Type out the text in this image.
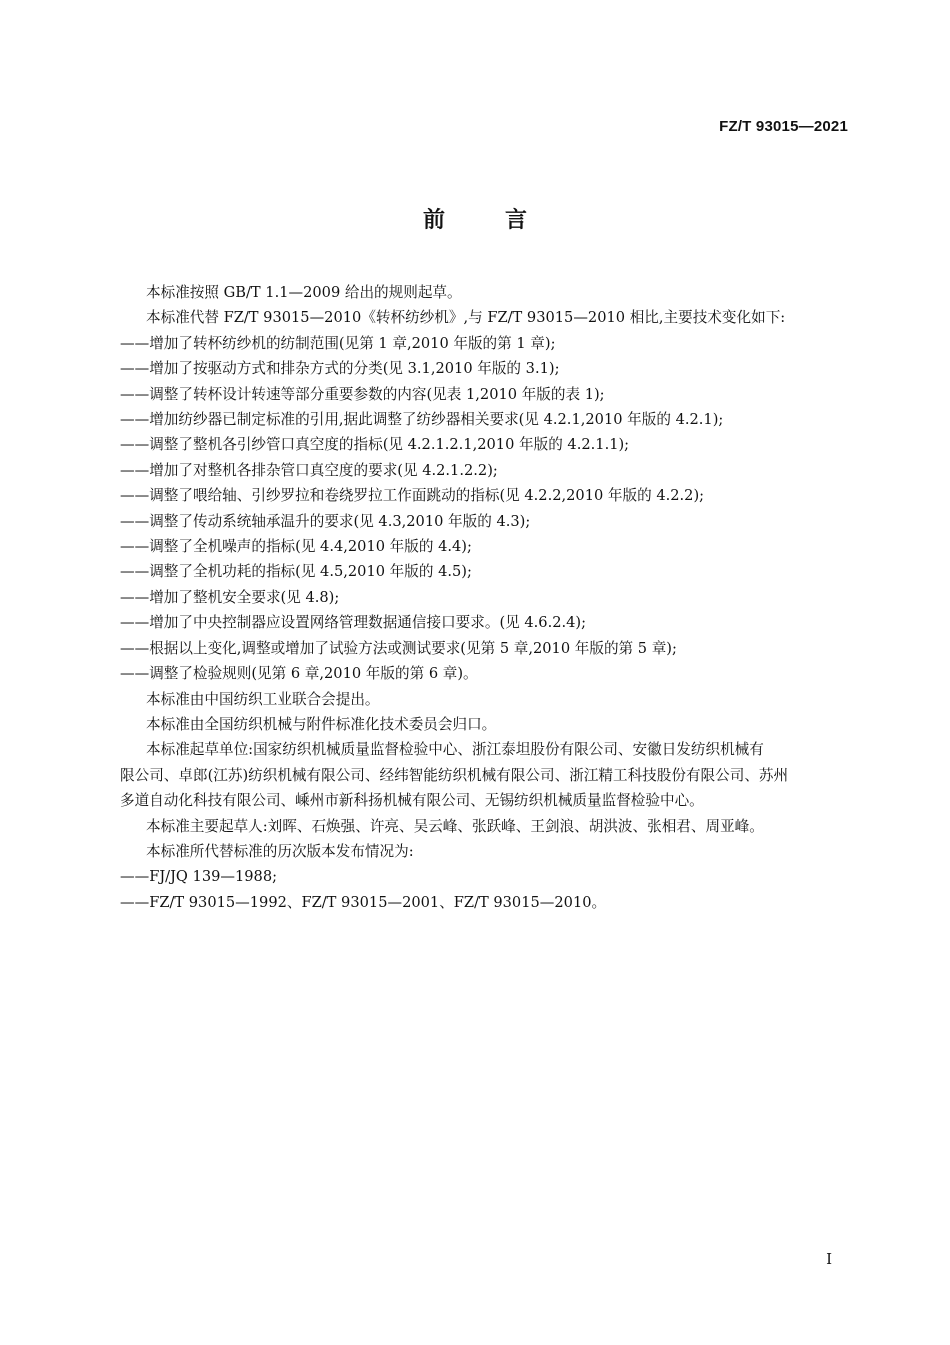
FZ/T 93015—2021
前	言

本标准按照 GB/T 1.1—2009 给出的规则起草。

本标准代替 FZ/T 93015—2010《转杯纺纱机》,与 FZ/T 93015—2010 相比,主要技术变化如下:

——增加了转杯纺纱机的纺制范围(见第 1 章,2010 年版的第 1 章);

——增加了按驱动方式和排杂方式的分类(见 3.1,2010 年版的 3.1);

——调整了转杯设计转速等部分重要参数的内容(见表 1,2010 年版的表 1);

——增加纺纱器已制定标准的引用,据此调整了纺纱器相关要求(见 4.2.1,2010 年版的 4.2.1);

——调整了整机各引纱管口真空度的指标(见 4.2.1.2.1,2010 年版的 4.2.1.1);

——增加了对整机各排杂管口真空度的要求(见 4.2.1.2.2);

——调整了喂给轴、引纱罗拉和卷绕罗拉工作面跳动的指标(见 4.2.2,2010 年版的 4.2.2);

——调整了传动系统轴承温升的要求(见 4.3,2010 年版的 4.3);

——调整了全机噪声的指标(见 4.4,2010 年版的 4.4);

——调整了全机功耗的指标(见 4.5,2010 年版的 4.5);

——增加了整机安全要求(见 4.8);

——增加了中央控制器应设置网络管理数据通信接口要求。(见 4.6.2.4);

——根据以上变化,调整或增加了试验方法或测试要求(见第 5 章,2010 年版的第 5 章);

——调整了检验规则(见第 6 章,2010 年版的第 6 章)。

本标准由中国纺织工业联合会提出。

本标准由全国纺织机械与附件标准化技术委员会归口。

本标准起草单位:国家纺织机械质量监督检验中心、浙江泰坦股份有限公司、安徽日发纺织机械有

限公司、卓郎(江苏)纺织机械有限公司、经纬智能纺织机械有限公司、浙江精工科技股份有限公司、苏州

多道自动化科技有限公司、嵊州市新科扬机械有限公司、无锡纺织机械质量监督检验中心。

本标准主要起草人:刘晖、石焕强、许亮、吴云峰、张跃峰、王剑浪、胡洪波、张相君、周亚峰。

本标准所代替标准的历次版本发布情况为:

——FJ/JQ 139—1988;

——FZ/T 93015—1992、FZ/T 93015—2001、FZ/T 93015—2010。

I
